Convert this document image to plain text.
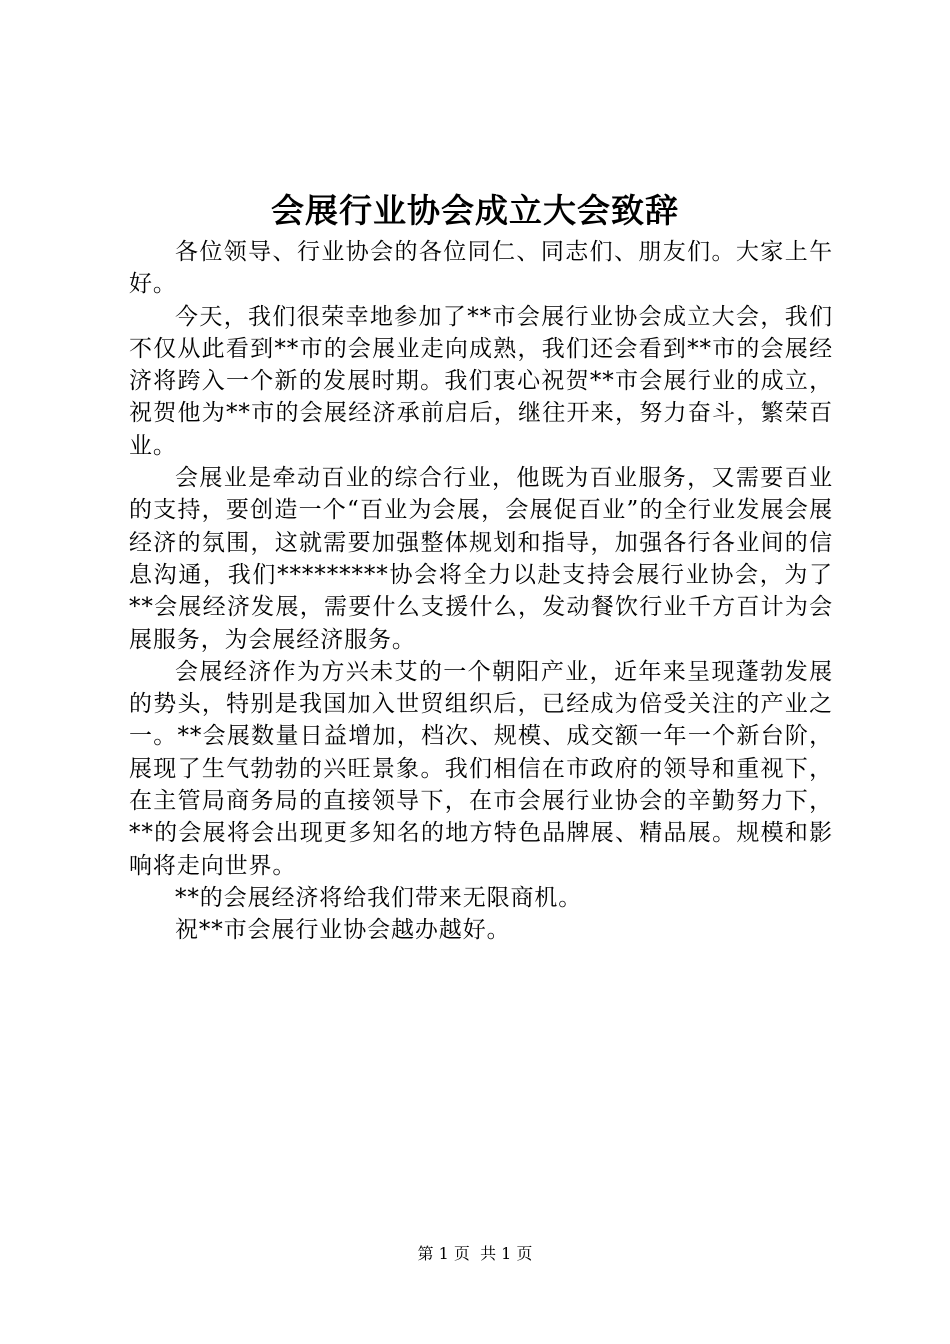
会展行业协会成立大会致辞

各位领导、行业协会的各位同仁、同志们、朋友们。大家上午好。

今天，我们很荣幸地参加了**市会展行业协会成立大会，我们不仅从此看到**市的会展业走向成熟，我们还会看到**市的会展经济将跨入一个新的发展时期。我们衷心祝贺**市会展行业的成立，祝贺他为**市的会展经济承前启后，继往开来，努力奋斗，繁荣百业。

会展业是牵动百业的综合行业，他既为百业服务，又需要百业的支持，要创造一个“百业为会展，会展促百业”的全行业发展会展经济的氛围，这就需要加强整体规划和指导，加强各行各业间的信息沟通，我们*********协会将全力以赴支持会展行业协会，为了**会展经济发展，需要什么支援什么，发动餐饮行业千方百计为会展服务，为会展经济服务。

会展经济作为方兴未艾的一个朝阳产业，近年来呈现蓬勃发展的势头，特别是我国加入世贸组织后，已经成为倍受关注的产业之一。**会展数量日益增加，档次、规模、成交额一年一个新台阶，展现了生气勃勃的兴旺景象。我们相信在市政府的领导和重视下，在主管局商务局的直接领导下，在市会展行业协会的辛勤努力下，**的会展将会出现更多知名的地方特色品牌展、精品展。规模和影响将走向世界。

**的会展经济将给我们带来无限商机。

祝**市会展行业协会越办越好。

第 1 页  共 1 页
